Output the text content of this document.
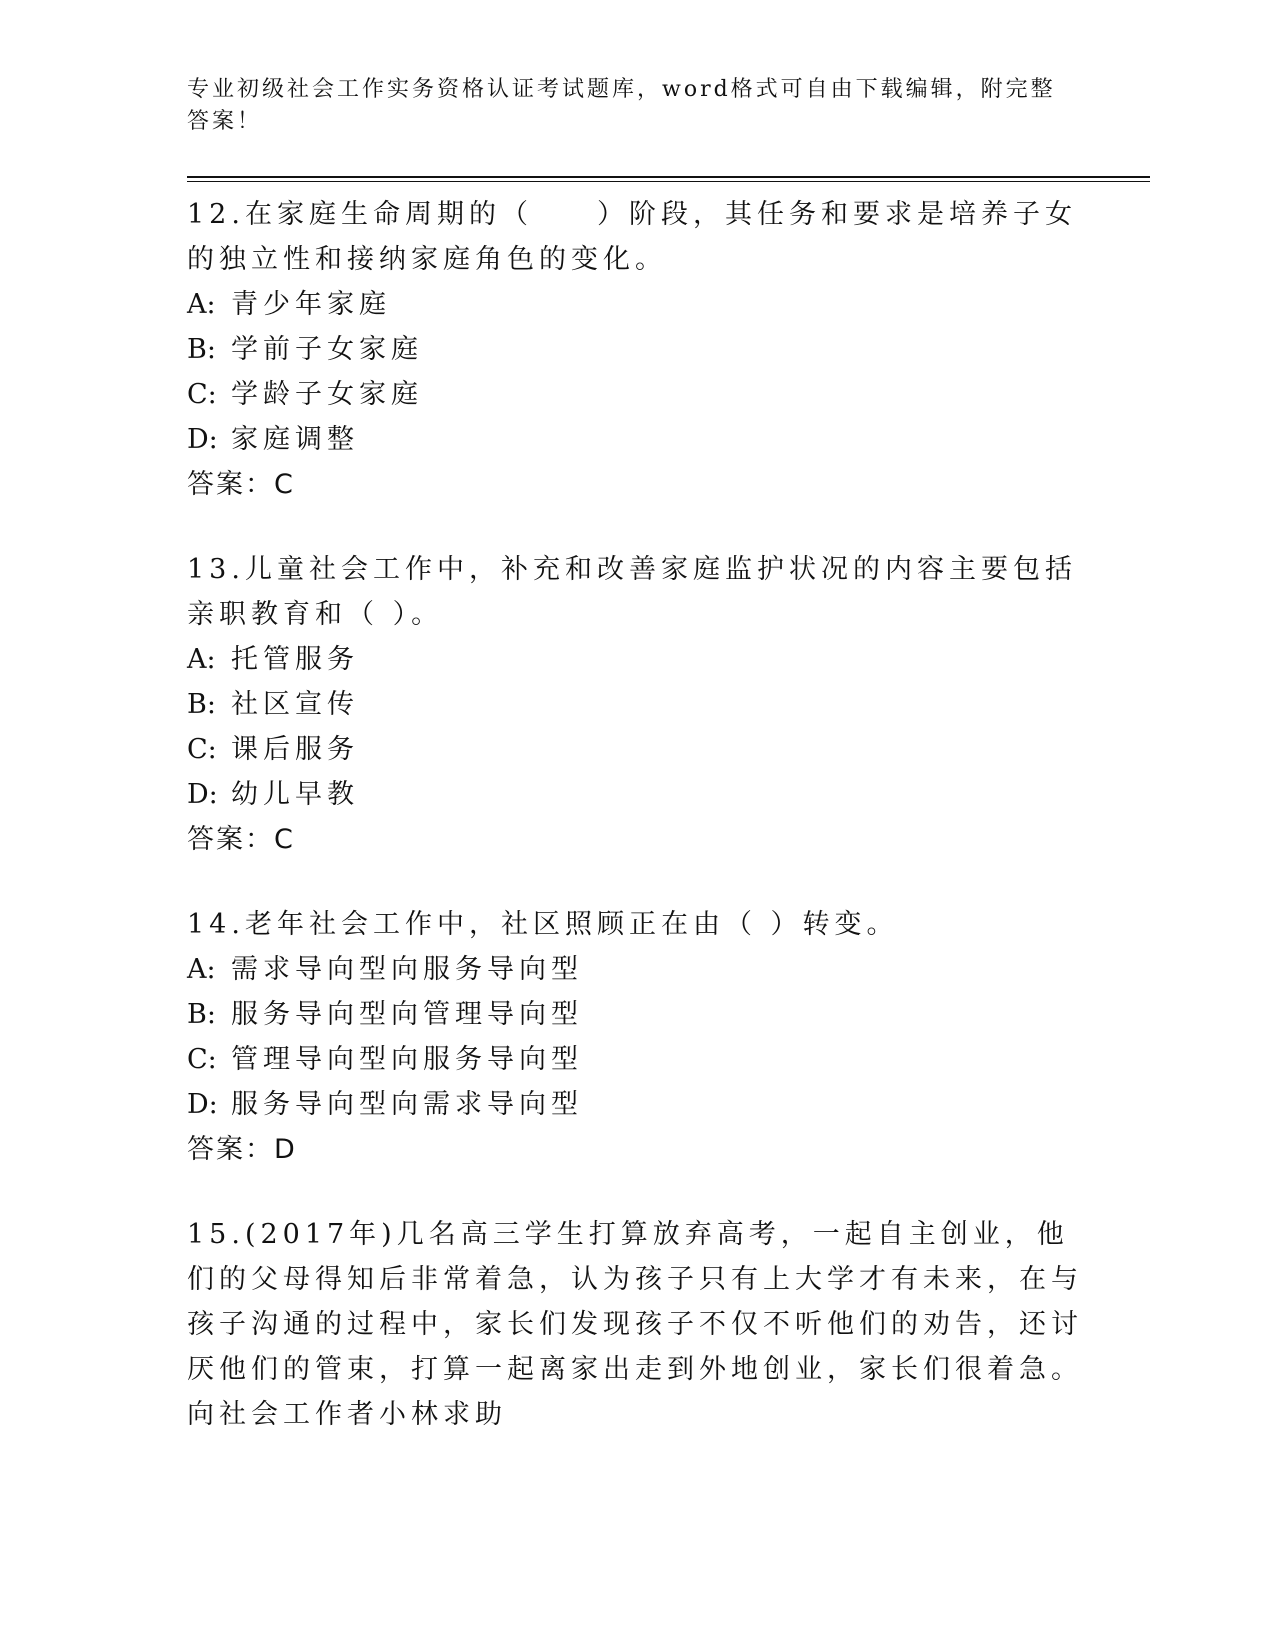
专业初级社会工作实务资格认证考试题库，word格式可自由下载编辑，附完整答案！

12.在家庭生命周期的（　　）阶段，其任务和要求是培养子女的独立性和接纳家庭角色的变化。

A: 青少年家庭

B: 学前子女家庭

C: 学龄子女家庭

D: 家庭调整

答案：C

13.儿童社会工作中，补充和改善家庭监护状况的内容主要包括亲职教育和（ ）。

A: 托管服务

B: 社区宣传

C: 课后服务

D: 幼儿早教

答案：C

14.老年社会工作中，社区照顾正在由（ ）转变。

A: 需求导向型向服务导向型

B: 服务导向型向管理导向型

C: 管理导向型向服务导向型

D: 服务导向型向需求导向型

答案：D

15.(2017年)几名高三学生打算放弃高考，一起自主创业，他们的父母得知后非常着急，认为孩子只有上大学才有未来，在与孩子沟通的过程中，家长们发现孩子不仅不听他们的劝告，还讨厌他们的管束，打算一起离家出走到外地创业，家长们很着急。向社会工作者小林求助
